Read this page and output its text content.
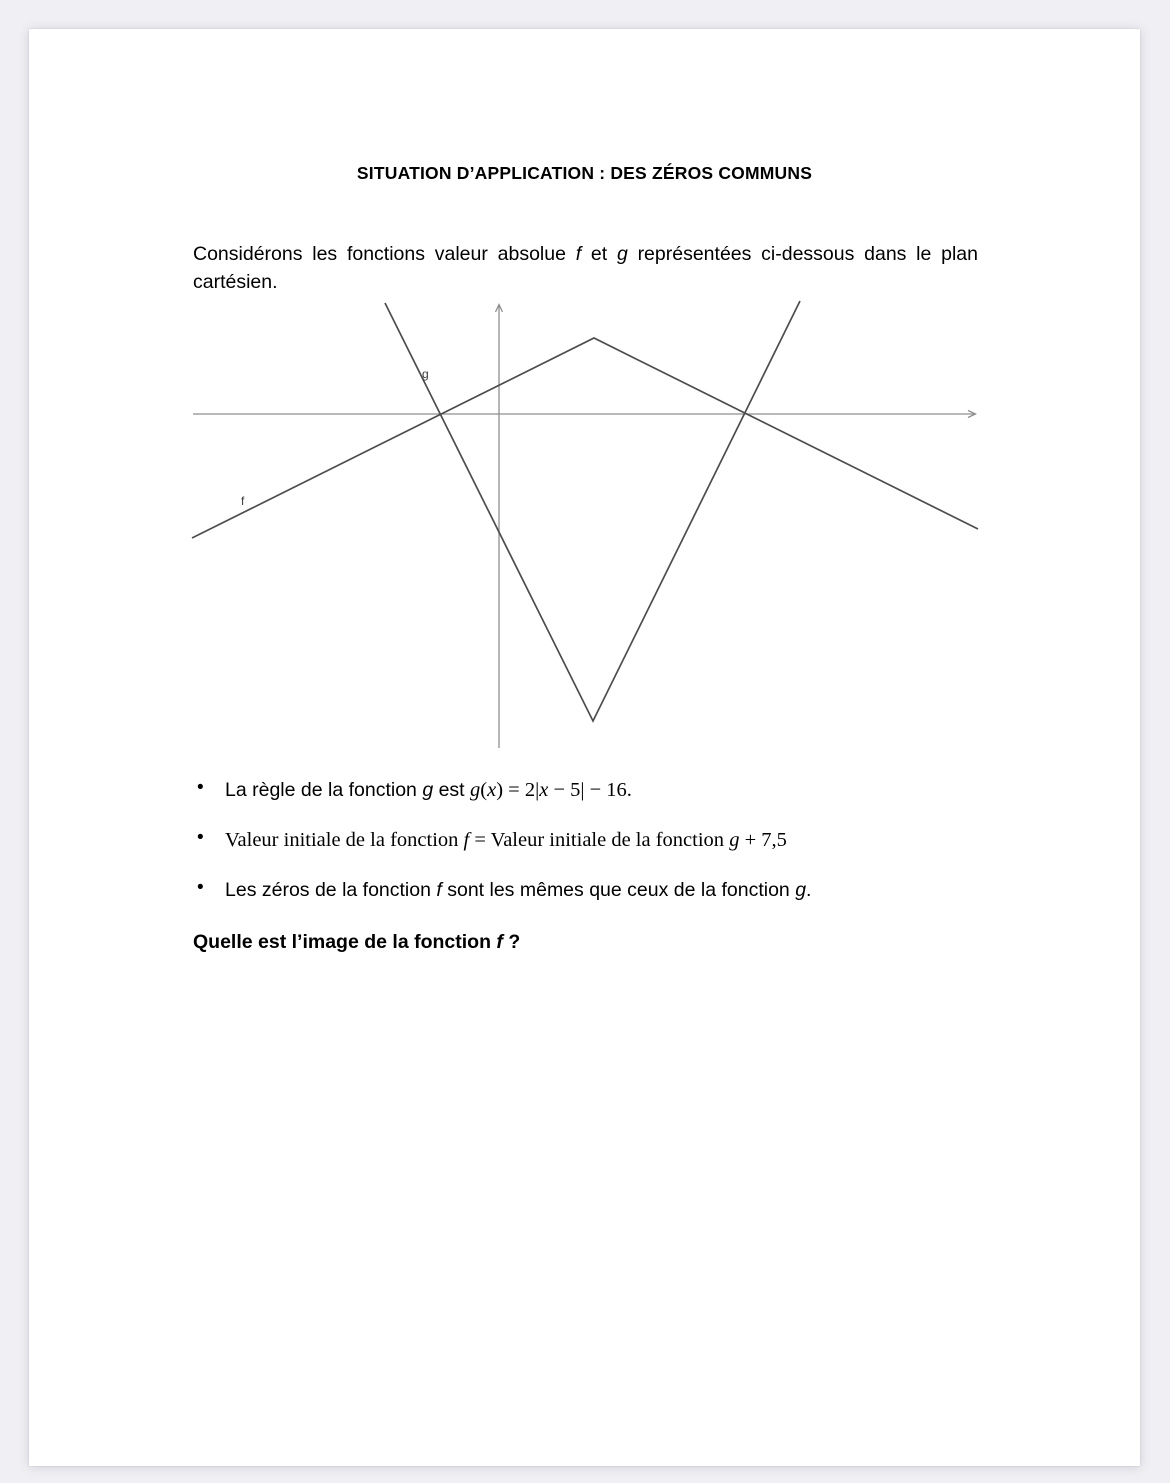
SITUATION D’APPLICATION : DES ZÉROS COMMUNS

Considérons les fonctions valeur absolue f et g représentées ci-dessous dans le plan cartésien.

g
f
• La règle de la fonction g est g(x) = 2|x − 5| − 16.
• Valeur initiale de la fonction f = Valeur initiale de la fonction g + 7,5
• Les zéros de la fonction f sont les mêmes que ceux de la fonction g.

Quelle est l’image de la fonction f ?
